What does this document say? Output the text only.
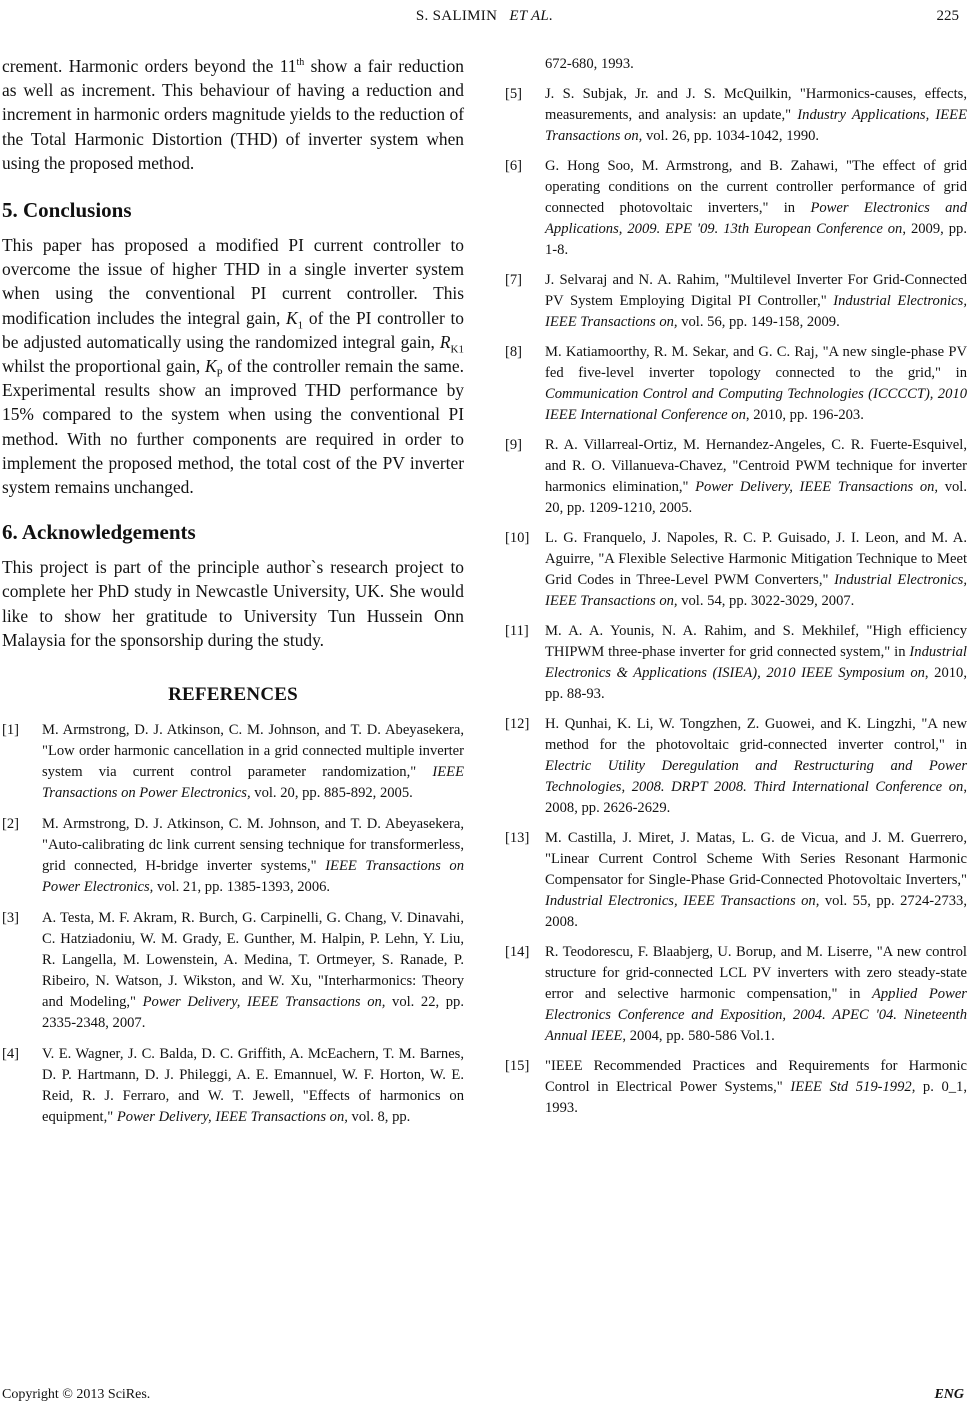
S. SALIMIN ET AL.	225

crement. Harmonic orders beyond the 11th show a fair reduction as well as increment. This behaviour of having a reduction and increment in harmonic orders magnitude yields to the reduction of the Total Harmonic Distortion (THD) of inverter system when using the proposed method.

5. Conclusions

This paper has proposed a modified PI current controller to overcome the issue of higher THD in a single inverter system when using the conventional PI current controller. This modification includes the integral gain, $K_1$ of the PI controller to be adjusted automatically using the randomized integral gain, $R_{K1}$ whilst the proportional gain, $K_P$ of the controller remain the same. Experimental results show an improved THD performance by 15% compared to the system when using the conventional PI method. With no further components are required in order to implement the proposed method, the total cost of the PV inverter system remains unchanged.

6. Acknowledgements

This project is part of the principle author`s research project to complete her PhD study in Newcastle University, UK. She would like to show her gratitude to University Tun Hussein Onn Malaysia for the sponsorship during the study.

REFERENCES
[1]	M. Armstrong, D. J. Atkinson, C. M. Johnson, and T. D. Abeyasekera, "Low order harmonic cancellation in a grid connected multiple inverter system via current control parameter randomization," IEEE Transactions on Power Electronics, vol. 20, pp. 885-892, 2005.
[2]	M. Armstrong, D. J. Atkinson, C. M. Johnson, and T. D. Abeyasekera, "Auto-calibrating dc link current sensing technique for transformerless, grid connected, H-bridge inverter systems," IEEE Transactions on Power Electronics, vol. 21, pp. 1385-1393, 2006.
[3]	A. Testa, M. F. Akram, R. Burch, G. Carpinelli, G. Chang, V. Dinavahi, C. Hatziadoniu, W. M. Grady, E. Gunther, M. Halpin, P. Lehn, Y. Liu, R. Langella, M. Lowenstein, A. Medina, T. Ortmeyer, S. Ranade, P. Ribeiro, N. Watson, J. Wikston, and W. Xu, "Interharmonics: Theory and Modeling," Power Delivery, IEEE Transactions on, vol. 22, pp. 2335-2348, 2007.
[4]	V. E. Wagner, J. C. Balda, D. C. Griffith, A. McEachern, T. M. Barnes, D. P. Hartmann, D. J. Phileggi, A. E. Emannuel, W. F. Horton, W. E. Reid, R. J. Ferraro, and W. T. Jewell, "Effects of harmonics on equipment," Power Delivery, IEEE Transactions on, vol. 8, pp.
672-680, 1993.
[5]	J. S. Subjak, Jr. and J. S. McQuilkin, "Harmonics-causes, effects, measurements, and analysis: an update," Industry Applications, IEEE Transactions on, vol. 26, pp. 1034-1042, 1990.
[6]	G. Hong Soo, M. Armstrong, and B. Zahawi, "The effect of grid operating conditions on the current controller performance of grid connected photovoltaic inverters," in Power Electronics and Applications, 2009. EPE '09. 13th European Conference on, 2009, pp. 1-8.
[7]	J. Selvaraj and N. A. Rahim, "Multilevel Inverter For Grid-Connected PV System Employing Digital PI Controller," Industrial Electronics, IEEE Transactions on, vol. 56, pp. 149-158, 2009.
[8]	M. Katiamoorthy, R. M. Sekar, and G. C. Raj, "A new single-phase PV fed five-level inverter topology connected to the grid," in Communication Control and Computing Technologies (ICCCCT), 2010 IEEE International Conference on, 2010, pp. 196-203.
[9]	R. A. Villarreal-Ortiz, M. Hernandez-Angeles, C. R. Fuerte-Esquivel, and R. O. Villanueva-Chavez, "Centroid PWM technique for inverter harmonics elimination," Power Delivery, IEEE Transactions on, vol. 20, pp. 1209-1210, 2005.
[10]	L. G. Franquelo, J. Napoles, R. C. P. Guisado, J. I. Leon, and M. A. Aguirre, "A Flexible Selective Harmonic Mitigation Technique to Meet Grid Codes in Three-Level PWM Converters," Industrial Electronics, IEEE Transactions on, vol. 54, pp. 3022-3029, 2007.
[11]	M. A. A. Younis, N. A. Rahim, and S. Mekhilef, "High efficiency THIPWM three-phase inverter for grid connected system," in Industrial Electronics & Applications (ISIEA), 2010 IEEE Symposium on, 2010, pp. 88-93.
[12]	H. Qunhai, K. Li, W. Tongzhen, Z. Guowei, and K. Lingzhi, "A new method for the photovoltaic grid-connected inverter control," in Electric Utility Deregulation and Restructuring and Power Technologies, 2008. DRPT 2008. Third International Conference on, 2008, pp. 2626-2629.
[13]	M. Castilla, J. Miret, J. Matas, L. G. de Vicua, and J. M. Guerrero, "Linear Current Control Scheme With Series Resonant Harmonic Compensator for Single-Phase Grid-Connected Photovoltaic Inverters," Industrial Electronics, IEEE Transactions on, vol. 55, pp. 2724-2733, 2008.
[14]	R. Teodorescu, F. Blaabjerg, U. Borup, and M. Liserre, "A new control structure for grid-connected LCL PV inverters with zero steady-state error and selective harmonic compensation," in Applied Power Electronics Conference and Exposition, 2004. APEC '04. Nineteenth Annual IEEE, 2004, pp. 580-586 Vol.1.
[15]	"IEEE Recommended Practices and Requirements for Harmonic Control in Electrical Power Systems," IEEE Std 519-1992, p. 0_1, 1993.
Copyright © 2013 SciRes.	ENG
